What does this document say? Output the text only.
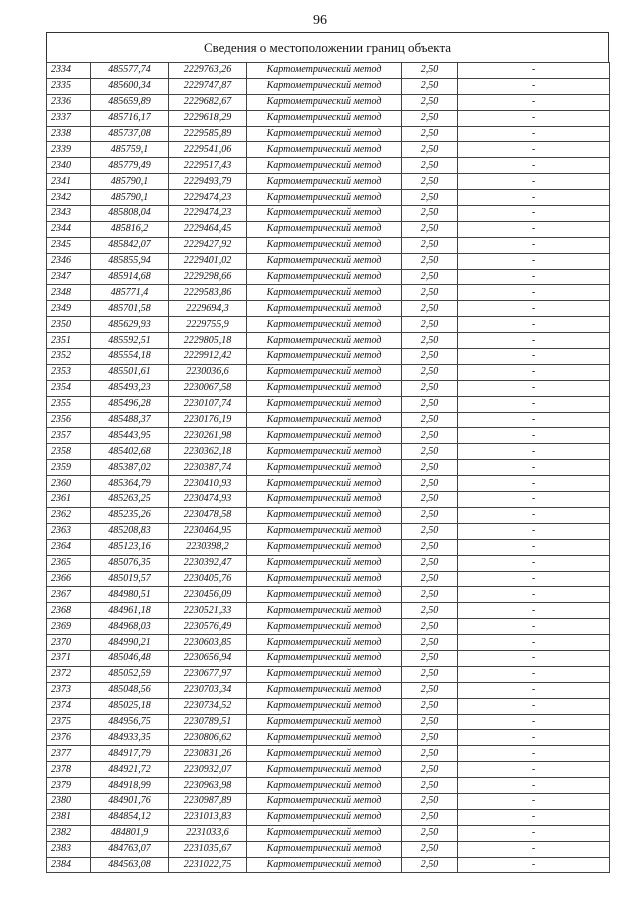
96
Сведения о местоположении границ объекта
2334	485577,74	2229763,26	Картометрический метод	2,50	-
2335	485600,34	2229747,87	Картометрический метод	2,50	-
2336	485659,89	2229682,67	Картометрический метод	2,50	-
2337	485716,17	2229618,29	Картометрический метод	2,50	-
2338	485737,08	2229585,89	Картометрический метод	2,50	-
2339	485759,1	2229541,06	Картометрический метод	2,50	-
2340	485779,49	2229517,43	Картометрический метод	2,50	-
2341	485790,1	2229493,79	Картометрический метод	2,50	-
2342	485790,1	2229474,23	Картометрический метод	2,50	-
2343	485808,04	2229474,23	Картометрический метод	2,50	-
2344	485816,2	2229464,45	Картометрический метод	2,50	-
2345	485842,07	2229427,92	Картометрический метод	2,50	-
2346	485855,94	2229401,02	Картометрический метод	2,50	-
2347	485914,68	2229298,66	Картометрический метод	2,50	-
2348	485771,4	2229583,86	Картометрический метод	2,50	-
2349	485701,58	2229694,3	Картометрический метод	2,50	-
2350	485629,93	2229755,9	Картометрический метод	2,50	-
2351	485592,51	2229805,18	Картометрический метод	2,50	-
2352	485554,18	2229912,42	Картометрический метод	2,50	-
2353	485501,61	2230036,6	Картометрический метод	2,50	-
2354	485493,23	2230067,58	Картометрический метод	2,50	-
2355	485496,28	2230107,74	Картометрический метод	2,50	-
2356	485488,37	2230176,19	Картометрический метод	2,50	-
2357	485443,95	2230261,98	Картометрический метод	2,50	-
2358	485402,68	2230362,18	Картометрический метод	2,50	-
2359	485387,02	2230387,74	Картометрический метод	2,50	-
2360	485364,79	2230410,93	Картометрический метод	2,50	-
2361	485263,25	2230474,93	Картометрический метод	2,50	-
2362	485235,26	2230478,58	Картометрический метод	2,50	-
2363	485208,83	2230464,95	Картометрический метод	2,50	-
2364	485123,16	2230398,2	Картометрический метод	2,50	-
2365	485076,35	2230392,47	Картометрический метод	2,50	-
2366	485019,57	2230405,76	Картометрический метод	2,50	-
2367	484980,51	2230456,09	Картометрический метод	2,50	-
2368	484961,18	2230521,33	Картометрический метод	2,50	-
2369	484968,03	2230576,49	Картометрический метод	2,50	-
2370	484990,21	2230603,85	Картометрический метод	2,50	-
2371	485046,48	2230656,94	Картометрический метод	2,50	-
2372	485052,59	2230677,97	Картометрический метод	2,50	-
2373	485048,56	2230703,34	Картометрический метод	2,50	-
2374	485025,18	2230734,52	Картометрический метод	2,50	-
2375	484956,75	2230789,51	Картометрический метод	2,50	-
2376	484933,35	2230806,62	Картометрический метод	2,50	-
2377	484917,79	2230831,26	Картометрический метод	2,50	-
2378	484921,72	2230932,07	Картометрический метод	2,50	-
2379	484918,99	2230963,98	Картометрический метод	2,50	-
2380	484901,76	2230987,89	Картометрический метод	2,50	-
2381	484854,12	2231013,83	Картометрический метод	2,50	-
2382	484801,9	2231033,6	Картометрический метод	2,50	-
2383	484763,07	2231035,67	Картометрический метод	2,50	-
2384	484563,08	2231022,75	Картометрический метод	2,50	-
